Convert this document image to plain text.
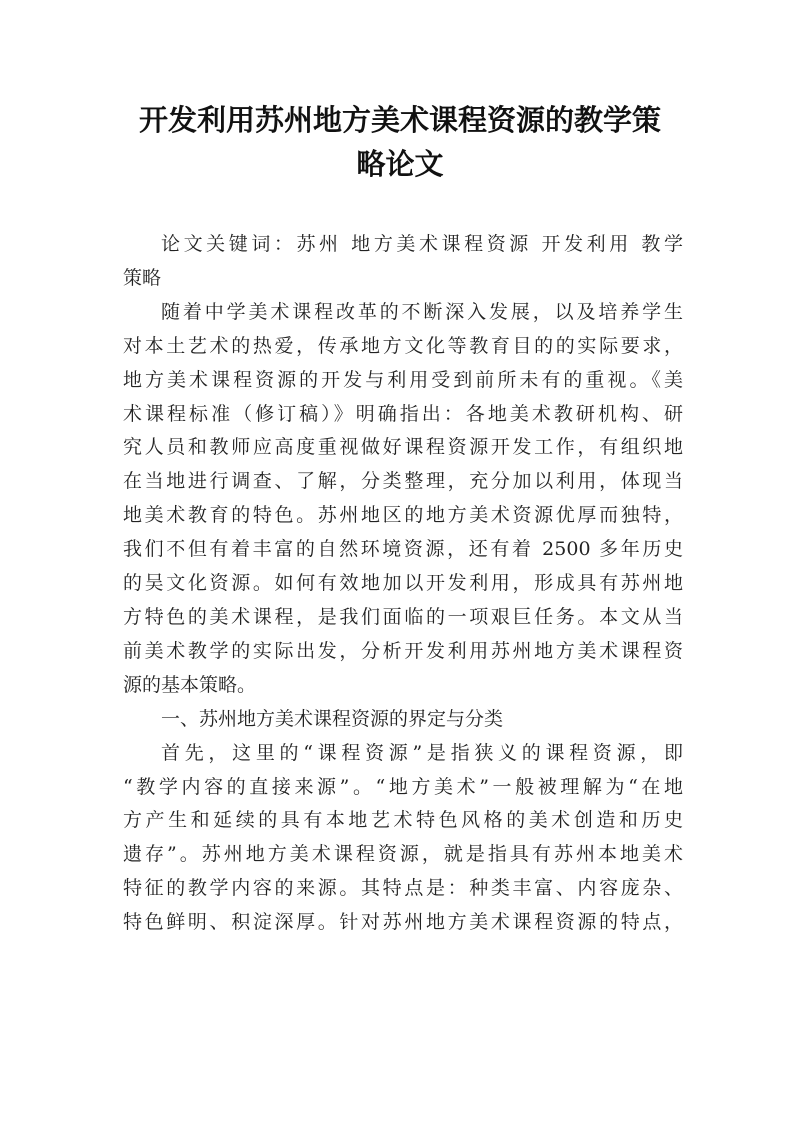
开发利用苏州地方美术课程资源的教学策
略论文
论文关键词：苏州 地方美术课程资源 开发利用 教学
策略
随着中学美术课程改革的不断深入发展，以及培养学生
对本土艺术的热爱，传承地方文化等教育目的的实际要求，
地方美术课程资源的开发与利用受到前所未有的重视。《美
术课程标准（修订稿）》明确指出：各地美术教研机构、研
究人员和教师应高度重视做好课程资源开发工作，有组织地
在当地进行调查、了解，分类整理，充分加以利用，体现当
地美术教育的特色。苏州地区的地方美术资源优厚而独特，
我们不但有着丰富的自然环境资源，还有着 2500 多年历史
的吴文化资源。如何有效地加以开发利用，形成具有苏州地
方特色的美术课程，是我们面临的一项艰巨任务。本文从当
前美术教学的实际出发，分析开发利用苏州地方美术课程资
源的基本策略。
一、苏州地方美术课程资源的界定与分类
首先，这里的“课程资源”是指狭义的课程资源，即
“教学内容的直接来源”。“地方美术”一般被理解为“在地
方产生和延续的具有本地艺术特色风格的美术创造和历史
遗存”。苏州地方美术课程资源，就是指具有苏州本地美术
特征的教学内容的来源。其特点是：种类丰富、内容庞杂、
特色鲜明、积淀深厚。针对苏州地方美术课程资源的特点，
